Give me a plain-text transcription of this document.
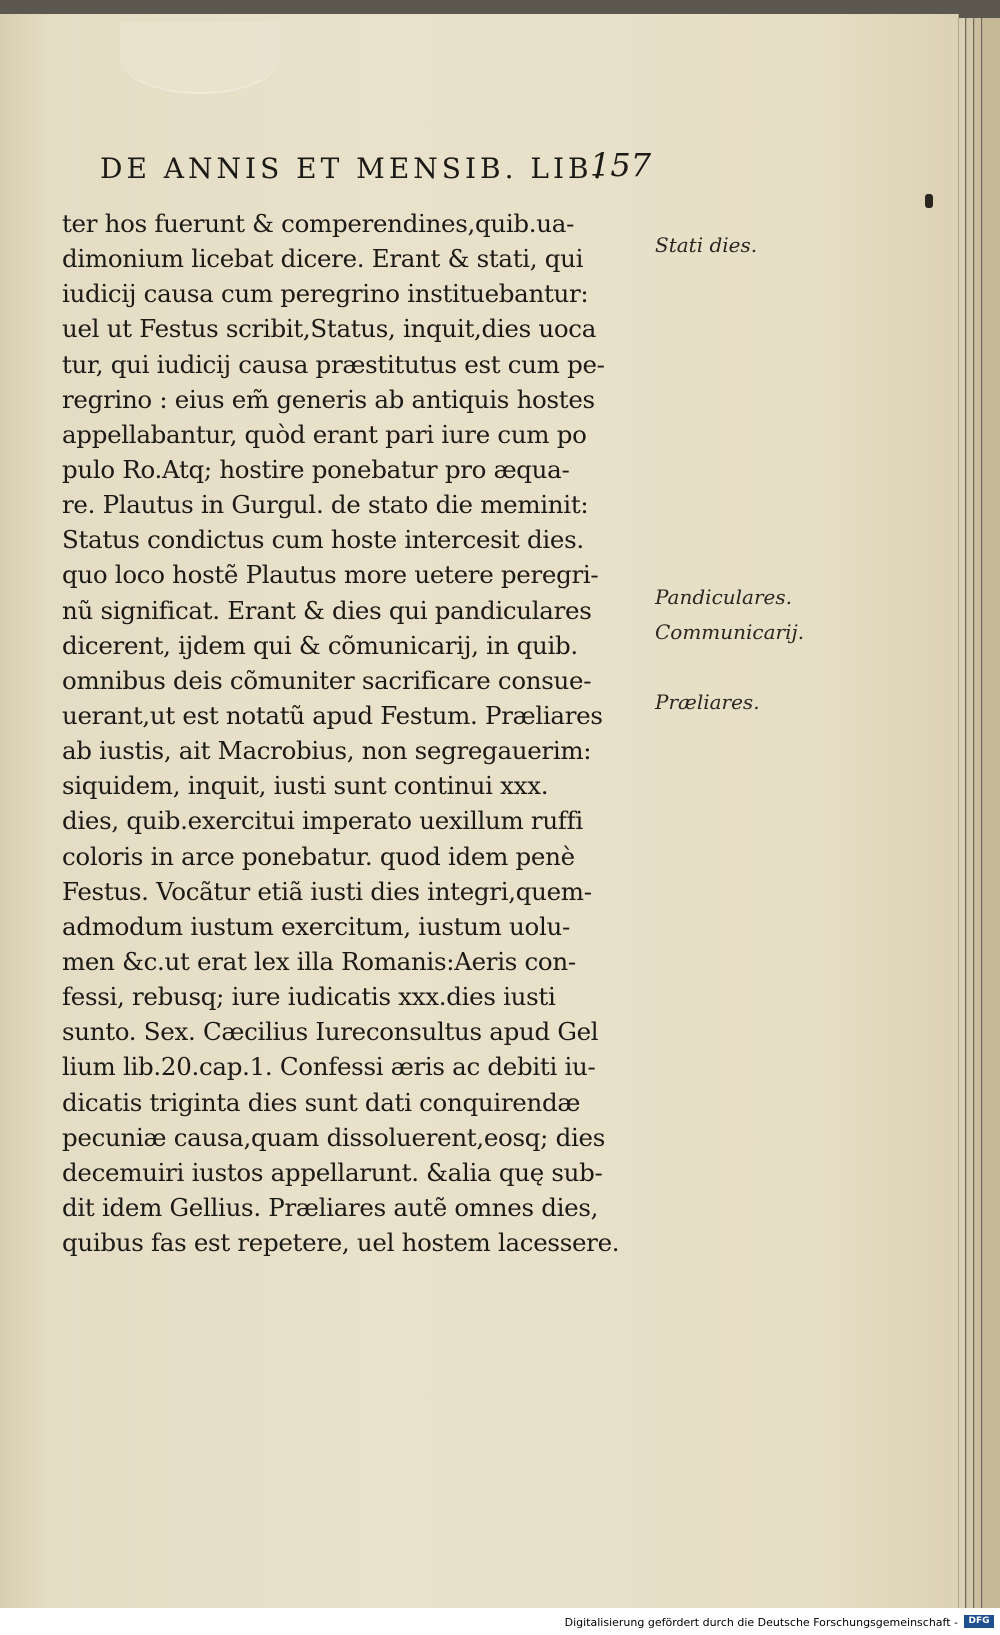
DE ANNIS ET MENSIB. LIB.
157
ter hos fuerunt & comperendines,quib.ua-
dimonium licebat dicere. Erant & stati, qui
iudicij causa cum peregrino instituebantur:
uel ut Festus scribit,Status, inquit,dies uoca
tur, qui iudicij causa præstitutus est cum pe-
regrino : eius em̃ generis ab antiquis hostes
appellabantur, quòd erant pari iure cum po
pulo Ro.Atq; hostire ponebatur pro æqua-
re. Plautus in Gurgul. de stato die meminit:
Status condictus cum hoste intercesit dies.
quo loco hostẽ Plautus more uetere peregri-
nũ significat. Erant & dies qui pandiculares
dicerent, ijdem qui & cõmunicarij, in quib.
omnibus deis cõmuniter sacrificare consue-
uerant,ut est notatũ apud Festum. Præliares
ab iustis, ait Macrobius, non segregauerim:
siquidem, inquit, iusti sunt continui xxx.
dies, quib.exercitui imperato uexillum ruffi
coloris in arce ponebatur. quod idem penè
Festus. Vocãtur etiã iusti dies integri,quem-
admodum iustum exercitum, iustum uolu-
men &c.ut erat lex illa Romanis:Aeris con-
fessi, rebusq; iure iudicatis xxx.dies iusti
sunto. Sex. Cæcilius Iureconsultus apud Gel
lium lib.20.cap.1. Confessi æris ac debiti iu-
dicatis triginta dies sunt dati conquirendæ
pecuniæ causa,quam dissoluerent,eosq; dies
decemuiri iustos appellarunt. &alia quę sub-
dit idem Gellius. Præliares autẽ omnes dies,
quibus fas est repetere, uel hostem lacessere.
Stati dies.
Pandiculares.
Communicarij.
Præliares.
Digitalisierung gefördert durch die Deutsche Forschungsgemeinschaft -	DFG
